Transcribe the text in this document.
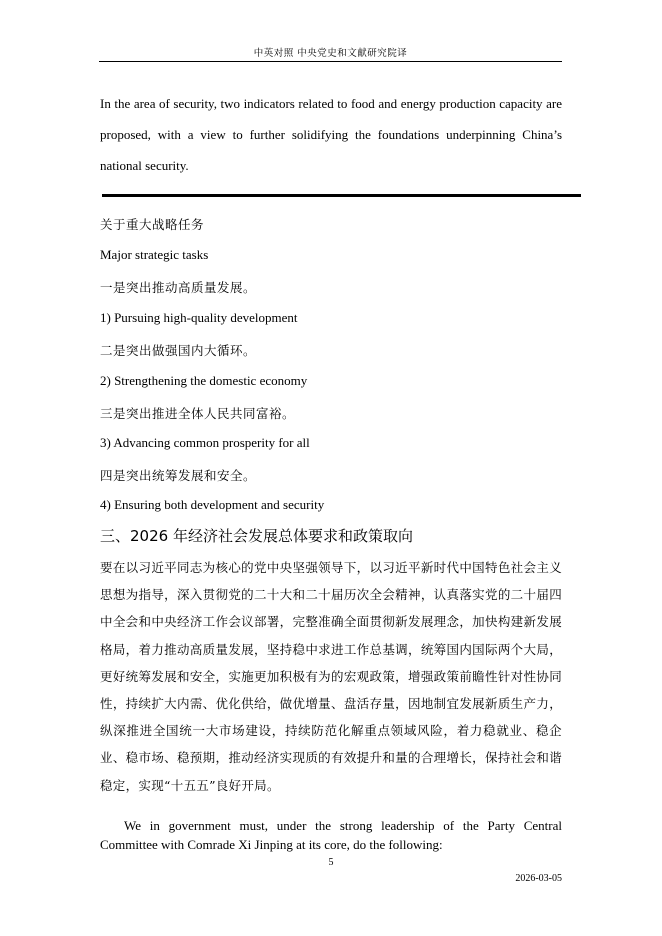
中英对照 中央党史和文献研究院译

In the area of security, two indicators related to food and energy production capacity are proposed, with a view to further solidifying the foundations underpinning China’s national security.

关于重大战略任务

Major strategic tasks

一是突出推动高质量发展。

1) Pursuing high-quality development

二是突出做强国内大循环。

2) Strengthening the domestic economy

三是突出推进全体人民共同富裕。

3) Advancing common prosperity for all

四是突出统筹发展和安全。

4) Ensuring both development and security

三、2026 年经济社会发展总体要求和政策取向

要在以习近平同志为核心的党中央坚强领导下，以习近平新时代中国特色社会主义思想为指导，深入贯彻党的二十大和二十届历次全会精神，认真落实党的二十届四中全会和中央经济工作会议部署，完整准确全面贯彻新发展理念，加快构建新发展格局，着力推动高质量发展，坚持稳中求进工作总基调，统筹国内国际两个大局，更好统筹发展和安全，实施更加积极有为的宏观政策，增强政策前瞻性针对性协同性，持续扩大内需、优化供给，做优增量、盘活存量，因地制宜发展新质生产力，纵深推进全国统一大市场建设，持续防范化解重点领域风险，着力稳就业、稳企业、稳市场、稳预期，推动经济实现质的有效提升和量的合理增长，保持社会和谐稳定，实现“十五五”良好开局。

We in government must, under the strong leadership of the Party Central Committee with Comrade Xi Jinping at its core, do the following:

5
2026-03-05
